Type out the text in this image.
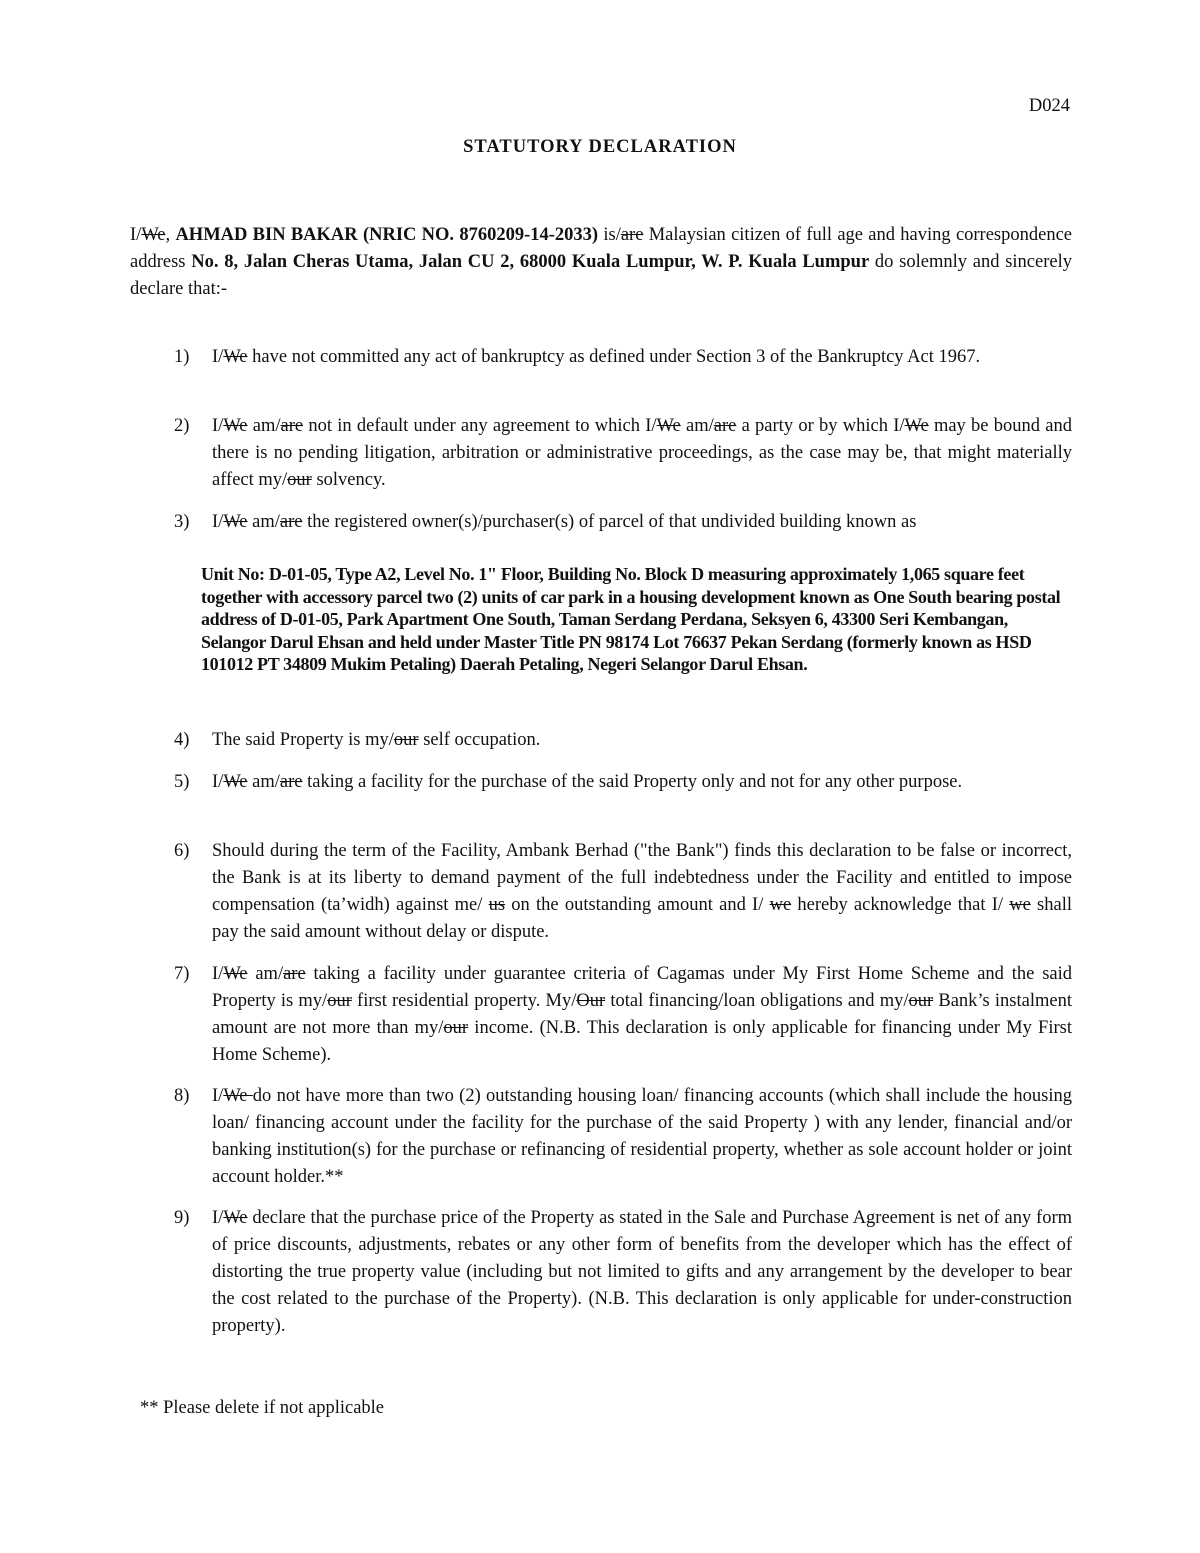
D024
STATUTORY DECLARATION
I/We, AHMAD BIN BAKAR (NRIC NO. 8760209-14-2033) is/are Malaysian citizen of full age and having correspondence address No. 8, Jalan Cheras Utama, Jalan CU 2, 68000 Kuala Lumpur, W. P. Kuala Lumpur do solemnly and sincerely declare that:-
1) I/We have not committed any act of bankruptcy as defined under Section 3 of the Bankruptcy Act 1967.
2) I/We am/are not in default under any agreement to which I/We am/are a party or by which I/We may be bound and there is no pending litigation, arbitration or administrative proceedings, as the case may be, that might materially affect my/our solvency.
3) I/We am/are the registered owner(s)/purchaser(s) of parcel of that undivided building known as
Unit No: D-01-05, Type A2, Level No. 1" Floor, Building No. Block D measuring approximately 1,065 square feet together with accessory parcel two (2) units of car park in a housing development known as One South bearing postal address of D-01-05, Park Apartment One South, Taman Serdang Perdana, Seksyen 6, 43300 Seri Kembangan, Selangor Darul Ehsan and held under Master Title PN 98174 Lot 76637 Pekan Serdang (formerly known as HSD 101012 PT 34809 Mukim Petaling) Daerah Petaling, Negeri Selangor Darul Ehsan.
4) The said Property is my/our self occupation.
5) I/We am/are taking a facility for the purchase of the said Property only and not for any other purpose.
6) Should during the term of the Facility, Ambank Berhad ("the Bank") finds this declaration to be false or incorrect, the Bank is at its liberty to demand payment of the full indebtedness under the Facility and entitled to impose compensation (ta’widh) against me/ us on the outstanding amount and I/ we hereby acknowledge that I/ we shall pay the said amount without delay or dispute.
7) I/We am/are taking a facility under guarantee criteria of Cagamas under My First Home Scheme and the said Property is my/our first residential property. My/Our total financing/loan obligations and my/our Bank’s instalment amount are not more than my/our income. (N.B. This declaration is only applicable for financing under My First Home Scheme).
8) I/We do not have more than two (2) outstanding housing loan/ financing accounts (which shall include the housing loan/ financing account under the facility for the purchase of the said Property ) with any lender, financial and/or banking institution(s) for the purchase or refinancing of residential property, whether as sole account holder or joint account holder.**
9) I/We declare that the purchase price of the Property as stated in the Sale and Purchase Agreement is net of any form of price discounts, adjustments, rebates or any other form of benefits from the developer which has the effect of distorting the true property value (including but not limited to gifts and any arrangement by the developer to bear the cost related to the purchase of the Property). (N.B. This declaration is only applicable for under-construction property).
** Please delete if not applicable
